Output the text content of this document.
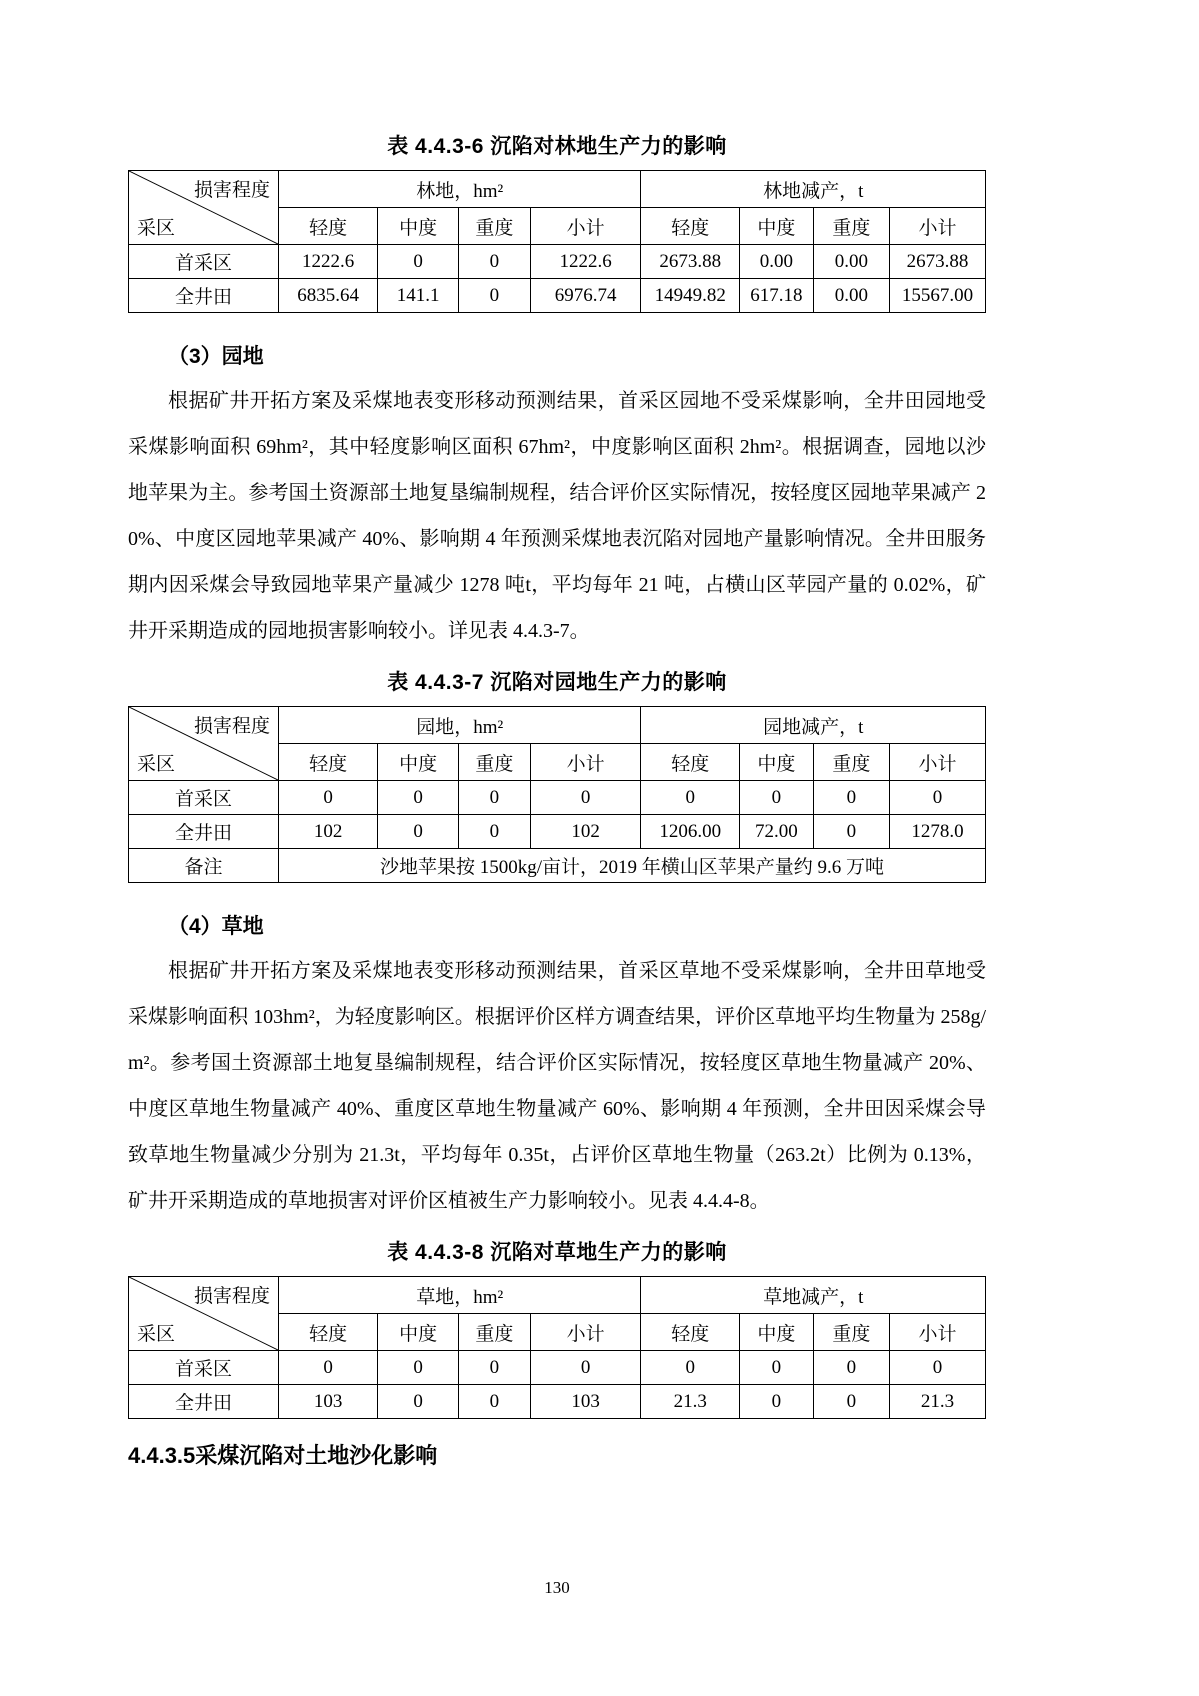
表 4.4.3-6 沉陷对林地生产力的影响
损害程度
采区	林地，hm²				林地减产，t			
	轻度	中度	重度	小计	轻度	中度	重度	小计
首采区	1222.6	0	0	1222.6	2673.88	0.00	0.00	2673.88
全井田	6835.64	141.1	0	6976.74	14949.82	617.18	0.00	15567.00
（3）园地

根据矿井开拓方案及采煤地表变形移动预测结果，首采区园地不受采煤影响，全井田园地受采煤影响面积 69hm²，其中轻度影响区面积 67hm²，中度影响区面积 2hm²。根据调查，园地以沙地苹果为主。参考国土资源部土地复垦编制规程，结合评价区实际情况，按轻度区园地苹果减产 20%、中度区园地苹果减产 40%、影响期 4 年预测采煤地表沉陷对园地产量影响情况。全井田服务期内因采煤会导致园地苹果产量减少 1278 吨t，平均每年 21 吨，占横山区苹园产量的 0.02%，矿井开采期造成的园地损害影响较小。详见表 4.4.3-7。

表 4.4.3-7 沉陷对园地生产力的影响
损害程度
采区	园地，hm²				园地减产，t			
	轻度	中度	重度	小计	轻度	中度	重度	小计
首采区	0	0	0	0	0	0	0	0
全井田	102	0	0	102	1206.00	72.00	0	1278.0
备注	沙地苹果按 1500kg/亩计，2019 年横山区苹果产量约 9.6 万吨							
（4）草地

根据矿井开拓方案及采煤地表变形移动预测结果，首采区草地不受采煤影响，全井田草地受采煤影响面积 103hm²，为轻度影响区。根据评价区样方调查结果，评价区草地平均生物量为 258g/m²。参考国土资源部土地复垦编制规程，结合评价区实际情况，按轻度区草地生物量减产 20%、中度区草地生物量减产 40%、重度区草地生物量减产 60%、影响期 4 年预测，全井田因采煤会导致草地生物量减少分别为 21.3t，平均每年 0.35t，占评价区草地生物量（263.2t）比例为 0.13%，矿井开采期造成的草地损害对评价区植被生产力影响较小。见表 4.4.4-8。

表 4.4.3-8 沉陷对草地生产力的影响
损害程度
采区	草地，hm²				草地减产，t			
	轻度	中度	重度	小计	轻度	中度	重度	小计
首采区	0	0	0	0	0	0	0	0
全井田	103	0	0	103	21.3	0	0	21.3
4.4.3.5采煤沉陷对土地沙化影响
130
